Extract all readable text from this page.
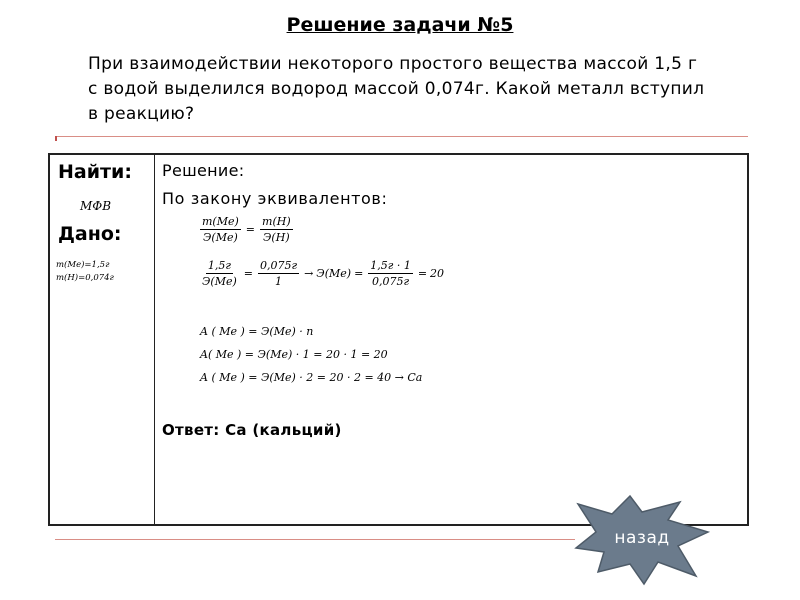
Решение задачи №5
При взаимодействии некоторого простого вещества массой 1,5 г с водой выделился водород массой 0,074г. Какой металл вступил в реакцию?
Найти:
МФВ
Дано:
m(Me)=1,5г
m(H)=0,074г
Решение:
По закону эквивалентов:
$\frac{m(Me)}{Э(Me)} = \frac{m(H)}{Э(H)}$
$\frac{1,5г}{Э(Me)} = \frac{0,075г}{1} \to Э(Me) = \frac{1,5г \cdot 1}{0,075г} = 20$
A ( Me ) = Э(Me) · n
A( Me ) = Э(Me) · 1 = 20 · 1 = 20
A ( Me ) = Э(Me) · 2 = 20 · 2 = 40 → Ca
Ответ: Ca (кальций)
назад
